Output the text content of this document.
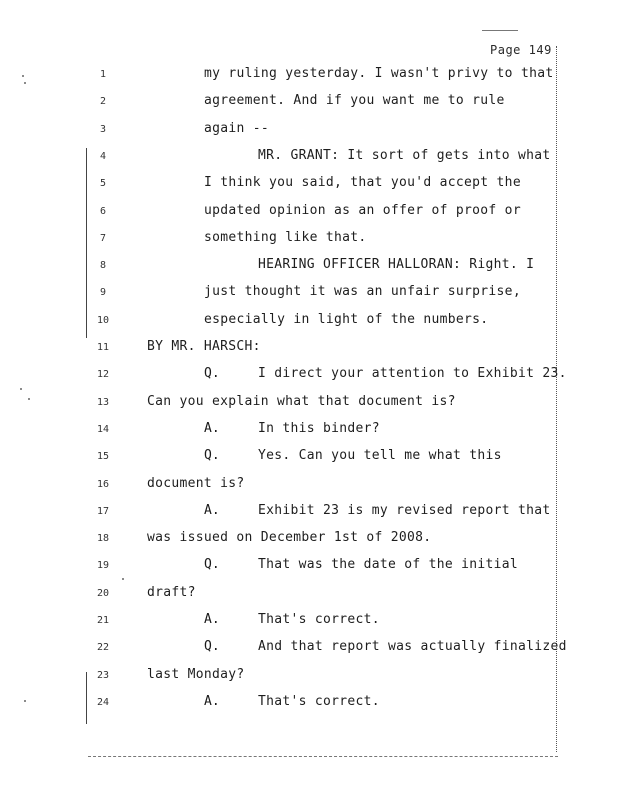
Page 149
1	my ruling yesterday. I wasn't privy to that
2	agreement. And if you want me to rule
3	again --
4	MR. GRANT: It sort of gets into what
5	I think you said, that you'd accept the
6	updated opinion as an offer of proof or
7	something like that.
8	HEARING OFFICER HALLORAN: Right. I
9	just thought it was an unfair surprise,
10	especially in light of the numbers.
11	BY MR. HARSCH:
12	Q.	I direct your attention to Exhibit 23.
13	Can you explain what that document is?
14	A.	In this binder?
15	Q.	Yes. Can you tell me what this
16	document is?
17	A.	Exhibit 23 is my revised report that
18	was issued on December 1st of 2008.
19	Q.	That was the date of the initial
20	draft?
21	A.	That's correct.
22	Q.	And that report was actually finalized
23	last Monday?
24	A.	That's correct.
